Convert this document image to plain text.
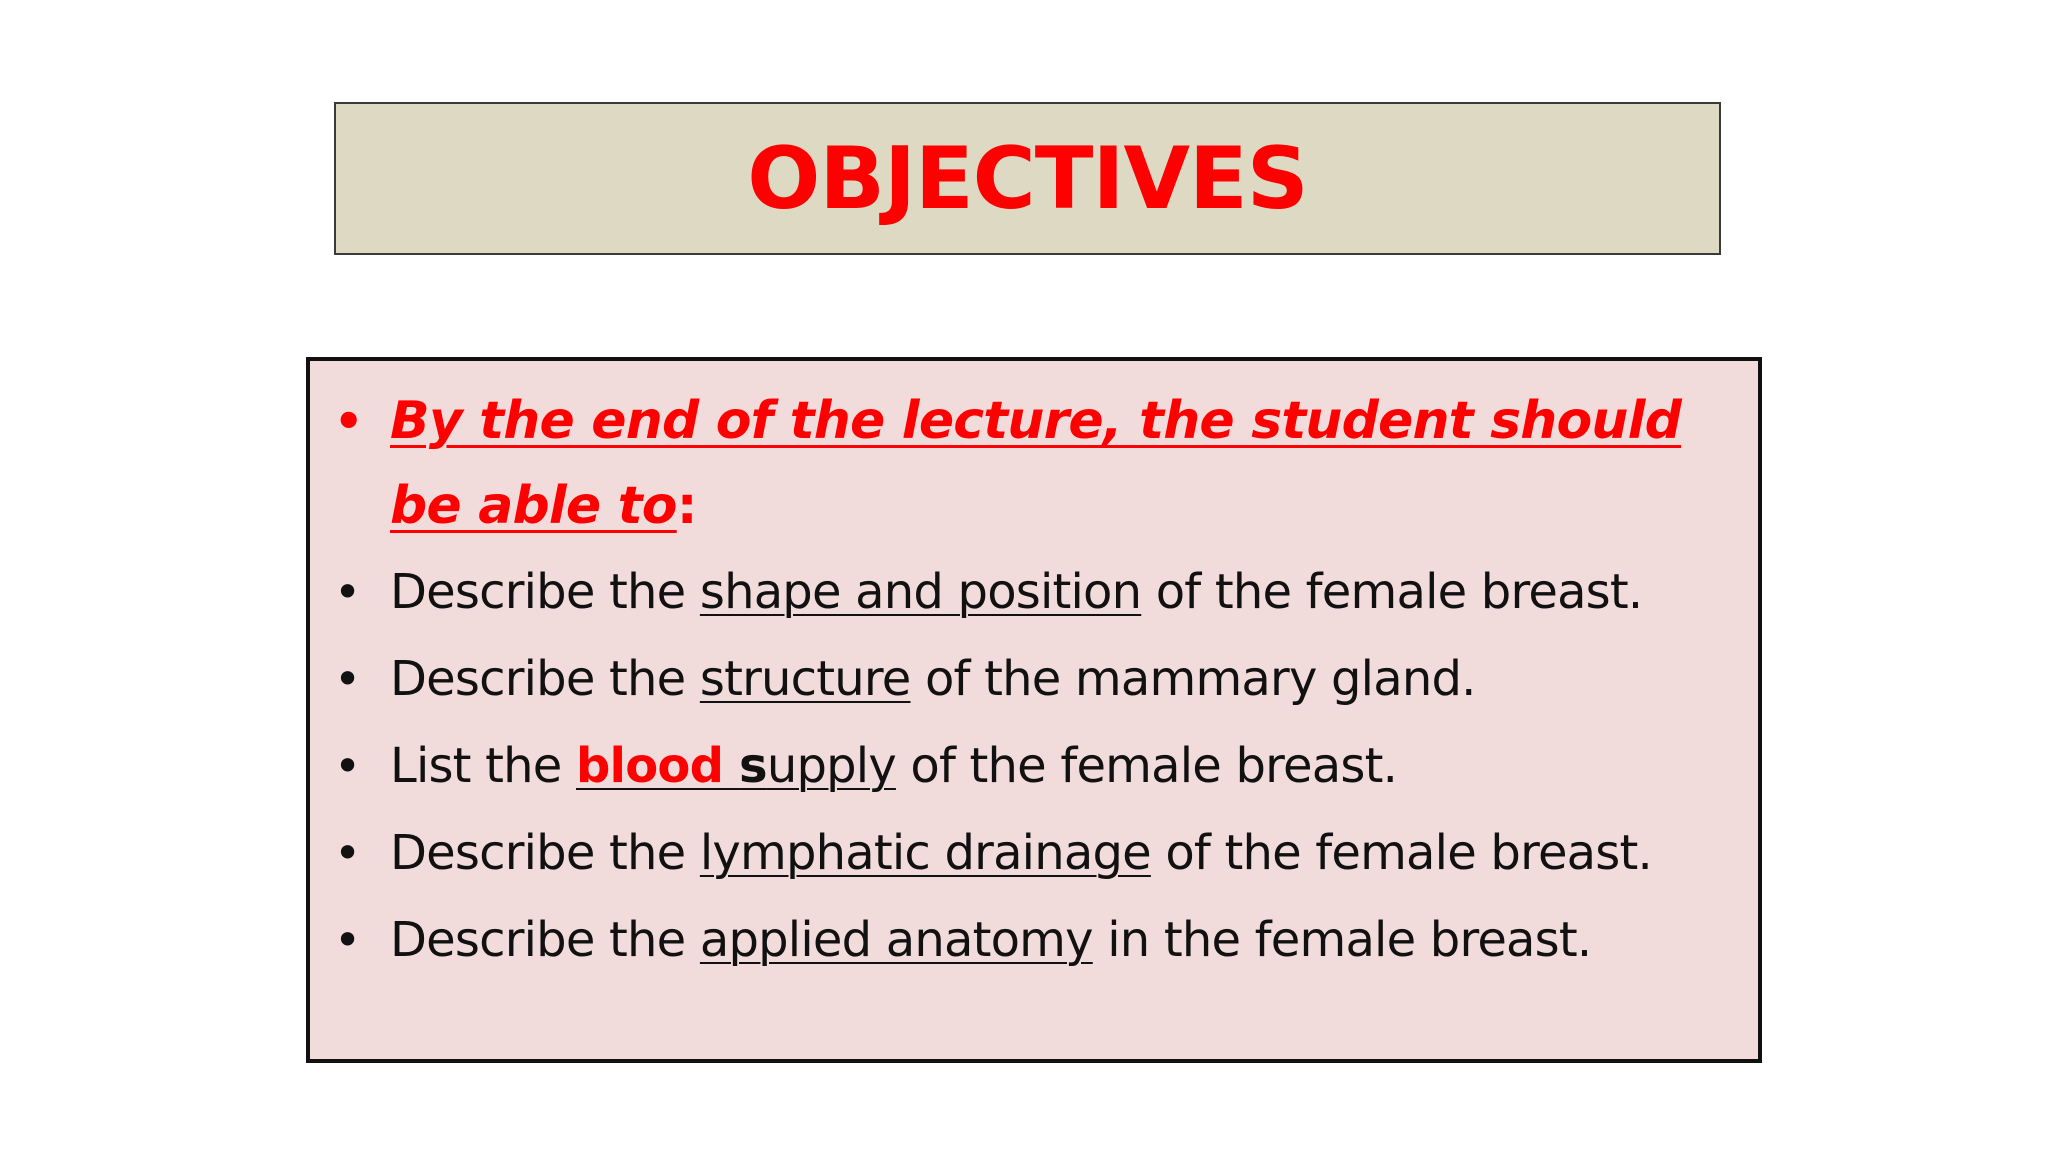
OBJECTIVES
• By the end of the lecture, the student should be able to:
• Describe the shape and position of the female breast.
• Describe the structure of the mammary gland.
• List the blood supply of the female breast.
• Describe the lymphatic drainage of the female breast.
• Describe the applied anatomy in the female breast.
